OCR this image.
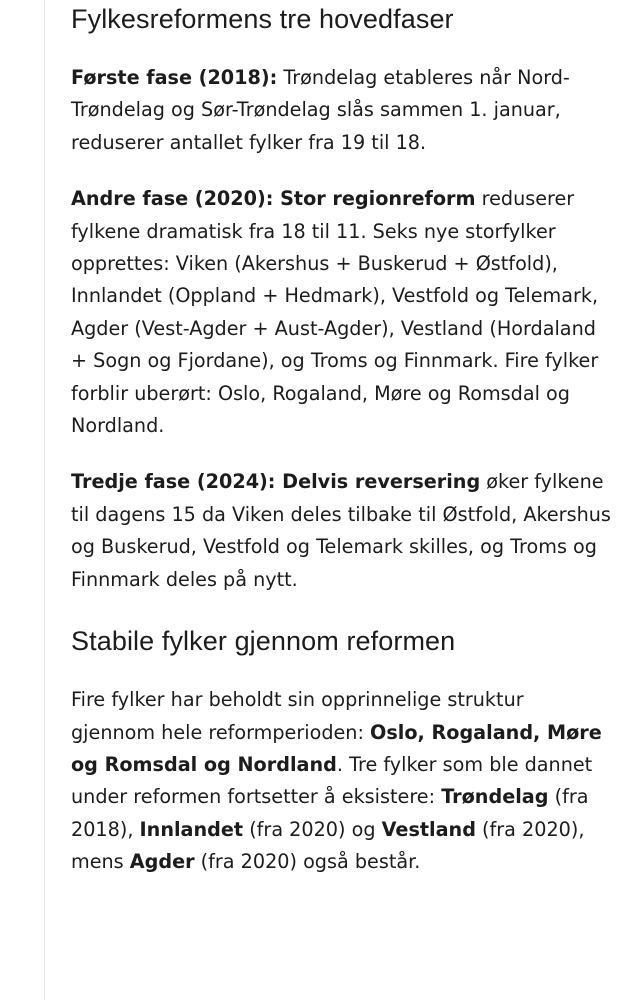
Fylkesreformens tre hovedfaser

Første fase (2018): Trøndelag etableres når Nord-Trøndelag og Sør-Trøndelag slås sammen 1. januar, reduserer antallet fylker fra 19 til 18.

Andre fase (2020): Stor regionreform reduserer fylkene dramatisk fra 18 til 11. Seks nye storfylker opprettes: Viken (Akershus + Buskerud + Østfold), Innlandet (Oppland + Hedmark), Vestfold og Telemark, Agder (Vest-Agder + Aust-Agder), Vestland (Hordaland + Sogn og Fjordane), og Troms og Finnmark. Fire fylker forblir uberørt: Oslo, Rogaland, Møre og Romsdal og Nordland.

Tredje fase (2024): Delvis reversering øker fylkene til dagens 15 da Viken deles tilbake til Østfold, Akershus og Buskerud, Vestfold og Telemark skilles, og Troms og Finnmark deles på nytt.

Stabile fylker gjennom reformen

Fire fylker har beholdt sin opprinnelige struktur gjennom hele reformperioden: Oslo, Rogaland, Møre og Romsdal og Nordland. Tre fylker som ble dannet under reformen fortsetter å eksistere: Trøndelag (fra 2018), Innlandet (fra 2020) og Vestland (fra 2020), mens Agder (fra 2020) også består.
